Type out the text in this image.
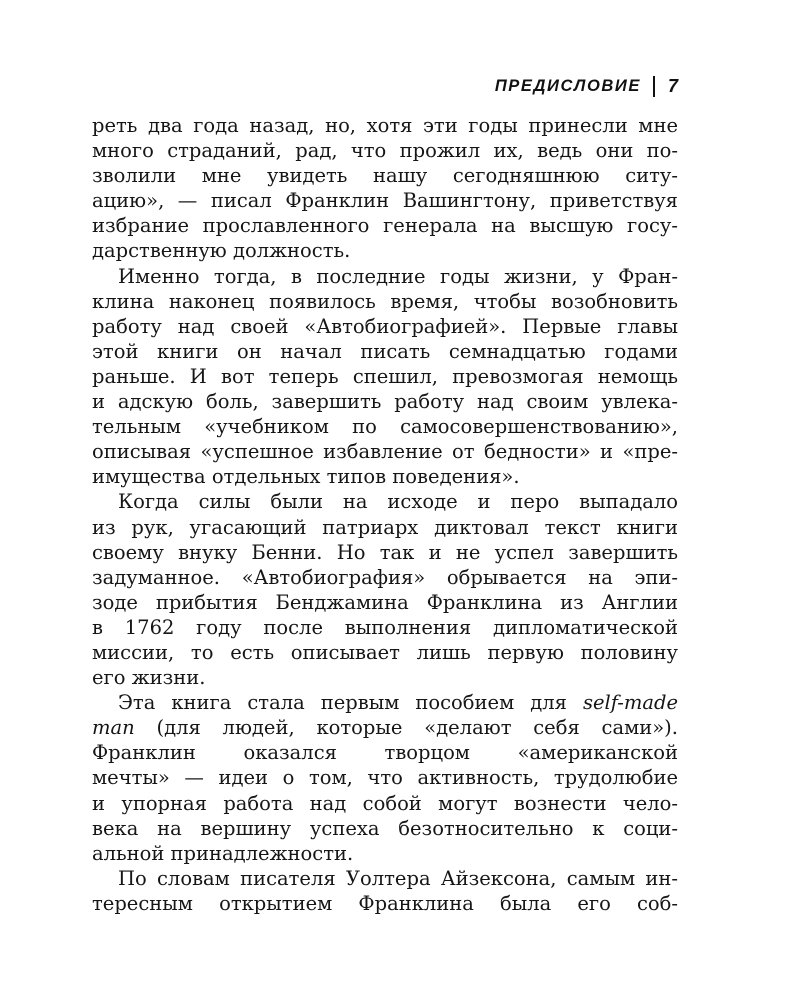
ПРЕДИСЛОВИЕ 7
реть два года назад, но, хотя эти годы принесли мне
много страданий, рад, что прожил их, ведь они по-
зволили мне увидеть нашу сегодняшнюю ситу-
ацию», — писал Франклин Вашингтону, приветствуя
избрание прославленного генерала на высшую госу-
дарственную должность.
Именно тогда, в последние годы жизни, у Фран-
клина наконец появилось время, чтобы возобновить
работу над своей «Автобиографией». Первые главы
этой книги он начал писать семнадцатью годами
раньше. И вот теперь спешил, превозмогая немощь
и адскую боль, завершить работу над своим увлека-
тельным «учебником по самосовершенствованию»,
описывая «успешное избавление от бедности» и «пре-
имущества отдельных типов поведения».
Когда силы были на исходе и перо выпадало
из рук, угасающий патриарх диктовал текст книги
своему внуку Бенни. Но так и не успел завершить
задуманное. «Автобиография» обрывается на эпи-
зоде прибытия Бенджамина Франклина из Англии
в 1762 году после выполнения дипломатической
миссии, то есть описывает лишь первую половину
его жизни.
Эта книга стала первым пособием для self-made
man (для людей, которые «делают себя сами»).
Франклин оказался творцом «американской
мечты» — идеи о том, что активность, трудолюбие
и упорная работа над собой могут вознести чело-
века на вершину успеха безотносительно к соци-
альной принадлежности.
По словам писателя Уолтера Айзексона, самым ин-
тересным открытием Франклина была его соб-
